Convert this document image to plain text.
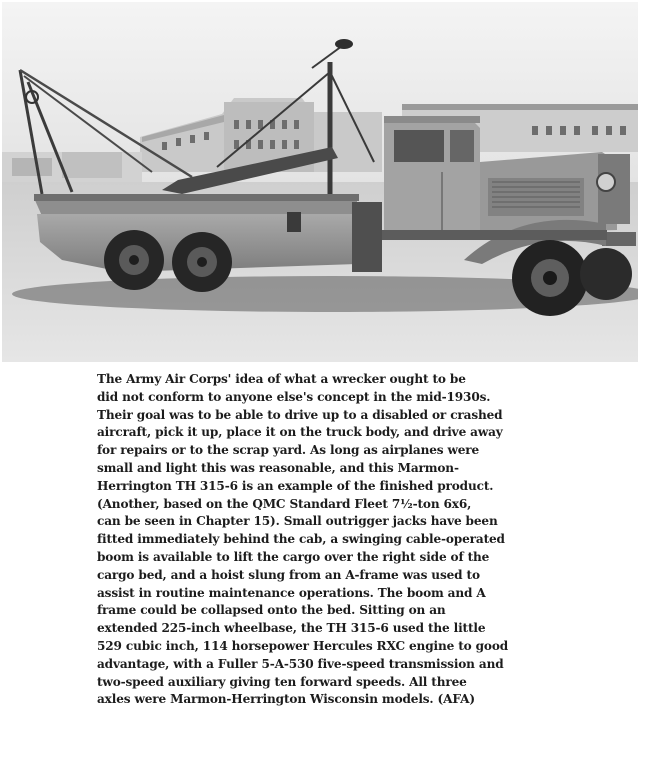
The Army Air Corps' idea of what a wrecker ought to be
did not conform to anyone else's concept in the mid-1930s.
Their goal was to be able to drive up to a disabled or crashed
aircraft, pick it up, place it on the truck body, and drive away
for repairs or to the scrap yard. As long as airplanes were
small and light this was reasonable, and this Marmon-
Herrington TH 315-6 is an example of the finished product.
(Another, based on the QMC Standard Fleet 7½-ton 6x6,
can be seen in Chapter 15). Small outrigger jacks have been
fitted immediately behind the cab, a swinging cable-operated
boom is available to lift the cargo over the right side of the
cargo bed, and a hoist slung from an A-frame was used to
assist in routine maintenance operations. The boom and A
frame could be collapsed onto the bed. Sitting on an
extended 225-inch wheelbase, the TH 315-6 used the little
529 cubic inch, 114 horsepower Hercules RXC engine to good
advantage, with a Fuller 5-A-530 five-speed transmission and
two-speed auxiliary giving ten forward speeds. All three
axles were Marmon-Herrington Wisconsin models. (AFA)
